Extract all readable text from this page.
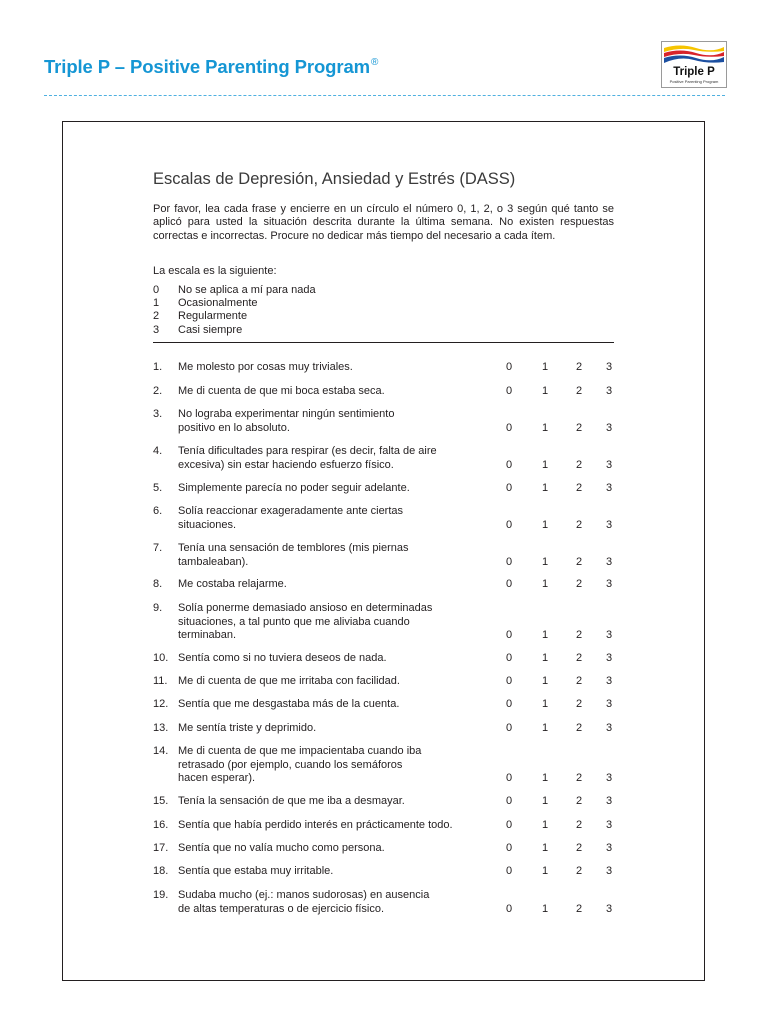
Triple P – Positive Parenting Program®
Triple P
Positive Parenting Program
Escalas de Depresión, Ansiedad y Estrés (DASS)

Por favor, lea cada frase y encierre en un círculo el número 0, 1, 2, o 3 según qué tanto se aplicó para usted la situación descrita durante la última semana. No existen respuestas correctas e incorrectas. Procure no dedicar más tiempo del necesario a cada ítem.

La escala es la siguiente:
0 No se aplica a mí para nada
1 Ocasionalmente
2 Regularmente
3 Casi siempre
1. Me molesto por cosas muy triviales.	0	1	2 3
2. Me di cuenta de que mi boca estaba seca.	0	1	2 3
3. No lograba experimentar ningún sentimiento
positivo en lo absoluto.	0	1	2 3
4. Tenía dificultades para respirar (es decir, falta de aire
excesiva) sin estar haciendo esfuerzo físico.	0	1	2 3
5. Simplemente parecía no poder seguir adelante.	0	1	2 3
6. Solía reaccionar exageradamente ante ciertas
situaciones.	0	1	2 3
7. Tenía una sensación de temblores (mis piernas
tambaleaban).	0	1	2 3
8. Me costaba relajarme.	0	1	2 3
9. Solía ponerme demasiado ansioso en determinadas
situaciones, a tal punto que me aliviaba cuando
terminaban.	0	1	2 3
10. Sentía como si no tuviera deseos de nada.	0	1	2 3
11. Me di cuenta de que me irritaba con facilidad.	0	1	2 3
12. Sentía que me desgastaba más de la cuenta.	0	1	2 3
13. Me sentía triste y deprimido.	0	1	2 3
14. Me di cuenta de que me impacientaba cuando iba
retrasado (por ejemplo, cuando los semáforos
hacen esperar).	0	1	2 3
15. Tenía la sensación de que me iba a desmayar.	0	1	2 3
16. Sentía que había perdido interés en prácticamente todo.	0	1	2 3
17. Sentía que no valía mucho como persona.	0	1	2 3
18. Sentía que estaba muy irritable.	0	1	2 3
19. Sudaba mucho (ej.: manos sudorosas) en ausencia
de altas temperaturas o de ejercicio físico.	0	1	2 3
